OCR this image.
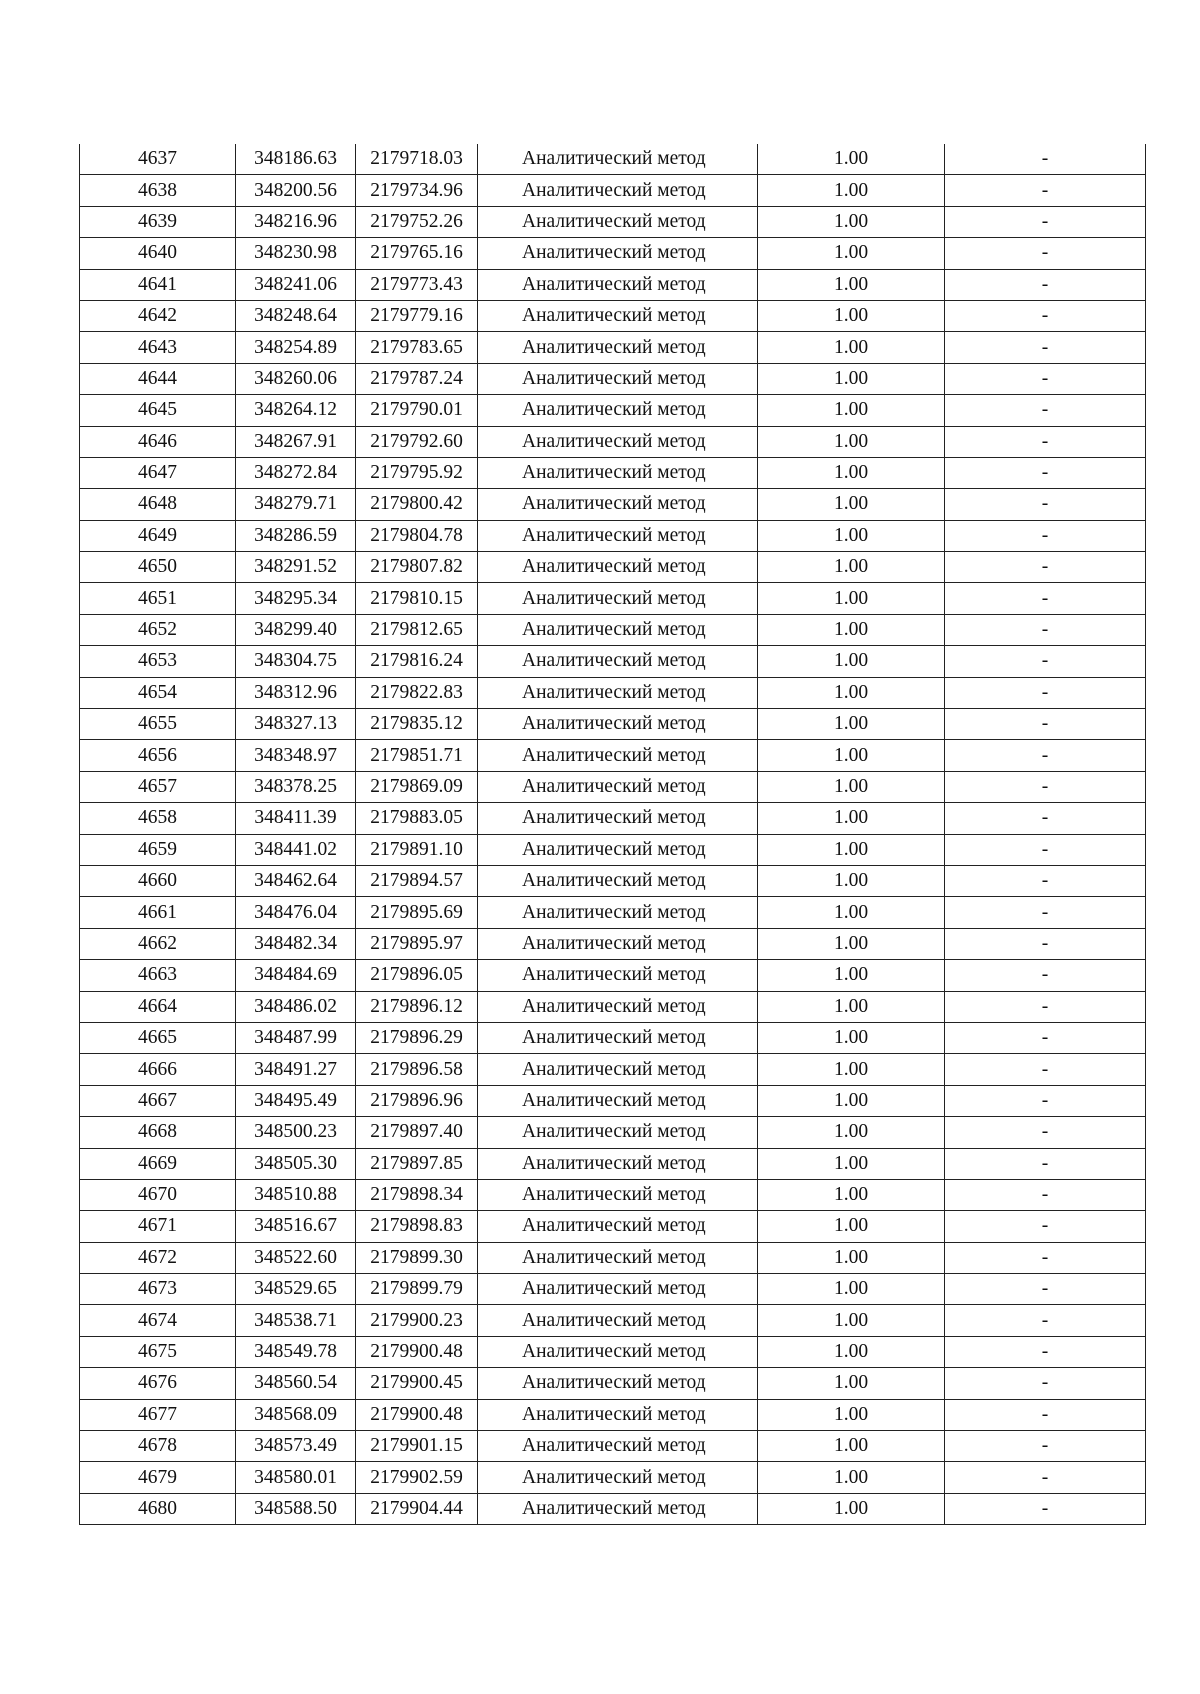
4637	348186.63	2179718.03	Аналитический метод	1.00	-
4638	348200.56	2179734.96	Аналитический метод	1.00	-
4639	348216.96	2179752.26	Аналитический метод	1.00	-
4640	348230.98	2179765.16	Аналитический метод	1.00	-
4641	348241.06	2179773.43	Аналитический метод	1.00	-
4642	348248.64	2179779.16	Аналитический метод	1.00	-
4643	348254.89	2179783.65	Аналитический метод	1.00	-
4644	348260.06	2179787.24	Аналитический метод	1.00	-
4645	348264.12	2179790.01	Аналитический метод	1.00	-
4646	348267.91	2179792.60	Аналитический метод	1.00	-
4647	348272.84	2179795.92	Аналитический метод	1.00	-
4648	348279.71	2179800.42	Аналитический метод	1.00	-
4649	348286.59	2179804.78	Аналитический метод	1.00	-
4650	348291.52	2179807.82	Аналитический метод	1.00	-
4651	348295.34	2179810.15	Аналитический метод	1.00	-
4652	348299.40	2179812.65	Аналитический метод	1.00	-
4653	348304.75	2179816.24	Аналитический метод	1.00	-
4654	348312.96	2179822.83	Аналитический метод	1.00	-
4655	348327.13	2179835.12	Аналитический метод	1.00	-
4656	348348.97	2179851.71	Аналитический метод	1.00	-
4657	348378.25	2179869.09	Аналитический метод	1.00	-
4658	348411.39	2179883.05	Аналитический метод	1.00	-
4659	348441.02	2179891.10	Аналитический метод	1.00	-
4660	348462.64	2179894.57	Аналитический метод	1.00	-
4661	348476.04	2179895.69	Аналитический метод	1.00	-
4662	348482.34	2179895.97	Аналитический метод	1.00	-
4663	348484.69	2179896.05	Аналитический метод	1.00	-
4664	348486.02	2179896.12	Аналитический метод	1.00	-
4665	348487.99	2179896.29	Аналитический метод	1.00	-
4666	348491.27	2179896.58	Аналитический метод	1.00	-
4667	348495.49	2179896.96	Аналитический метод	1.00	-
4668	348500.23	2179897.40	Аналитический метод	1.00	-
4669	348505.30	2179897.85	Аналитический метод	1.00	-
4670	348510.88	2179898.34	Аналитический метод	1.00	-
4671	348516.67	2179898.83	Аналитический метод	1.00	-
4672	348522.60	2179899.30	Аналитический метод	1.00	-
4673	348529.65	2179899.79	Аналитический метод	1.00	-
4674	348538.71	2179900.23	Аналитический метод	1.00	-
4675	348549.78	2179900.48	Аналитический метод	1.00	-
4676	348560.54	2179900.45	Аналитический метод	1.00	-
4677	348568.09	2179900.48	Аналитический метод	1.00	-
4678	348573.49	2179901.15	Аналитический метод	1.00	-
4679	348580.01	2179902.59	Аналитический метод	1.00	-
4680	348588.50	2179904.44	Аналитический метод	1.00	-
